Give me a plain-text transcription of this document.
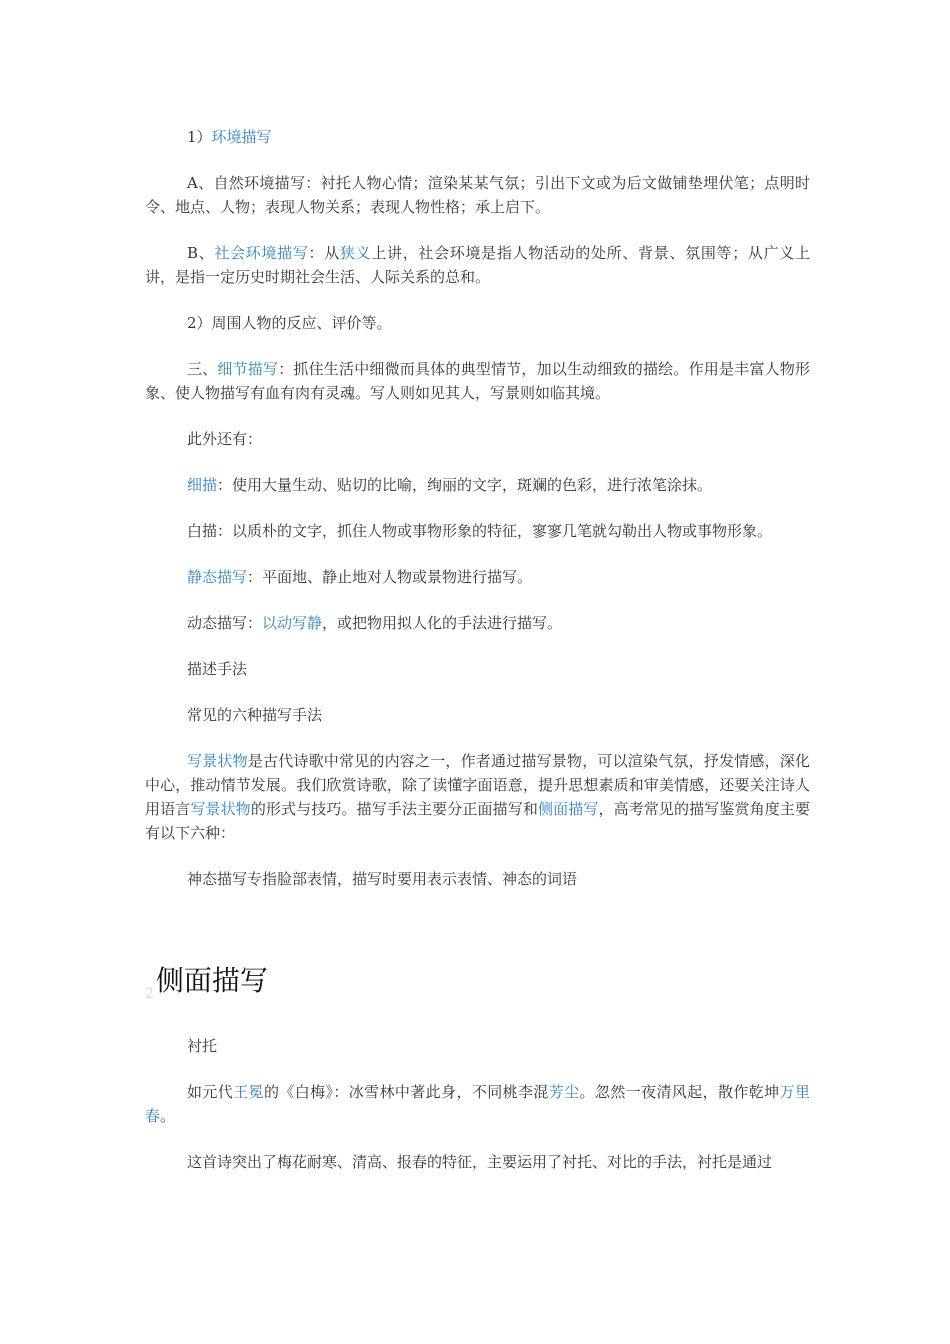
1）环境描写

A、自然环境描写：衬托人物心情；渲染某某气氛；引出下文或为后文做铺垫埋伏笔；点明时令、地点、人物；表现人物关系；表现人物性格；承上启下。

B、社会环境描写：从狭义上讲，社会环境是指人物活动的处所、背景、氛围等；从广义上讲，是指一定历史时期社会生活、人际关系的总和。

2）周围人物的反应、评价等。

三、细节描写：抓住生活中细微而具体的典型情节，加以生动细致的描绘。作用是丰富人物形象、使人物描写有血有肉有灵魂。写人则如见其人，写景则如临其境。

此外还有：

细描：使用大量生动、贴切的比喻，绚丽的文字，斑斓的色彩，进行浓笔涂抹。

白描：以质朴的文字，抓住人物或事物形象的特征，寥寥几笔就勾勒出人物或事物形象。

静态描写：平面地、静止地对人物或景物进行描写。

动态描写：以动写静，或把物用拟人化的手法进行描写。

描述手法

常见的六种描写手法

写景状物是古代诗歌中常见的内容之一，作者通过描写景物，可以渲染气氛，抒发情感，深化中心，推动情节发展。我们欣赏诗歌，除了读懂字面语意，提升思想素质和审美情感，还要关注诗人用语言写景状物的形式与技巧。描写手法主要分正面描写和侧面描写，高考常见的描写鉴赏角度主要有以下六种：

神态描写专指脸部表情，描写时要用表示表情、神态的词语

$_2$侧面描写

衬托

如元代王冕的《白梅》：冰雪林中著此身，不同桃李混芳尘。忽然一夜清风起，散作乾坤万里春。

这首诗突出了梅花耐寒、清高、报春的特征，主要运用了衬托、对比的手法，衬托是通过
